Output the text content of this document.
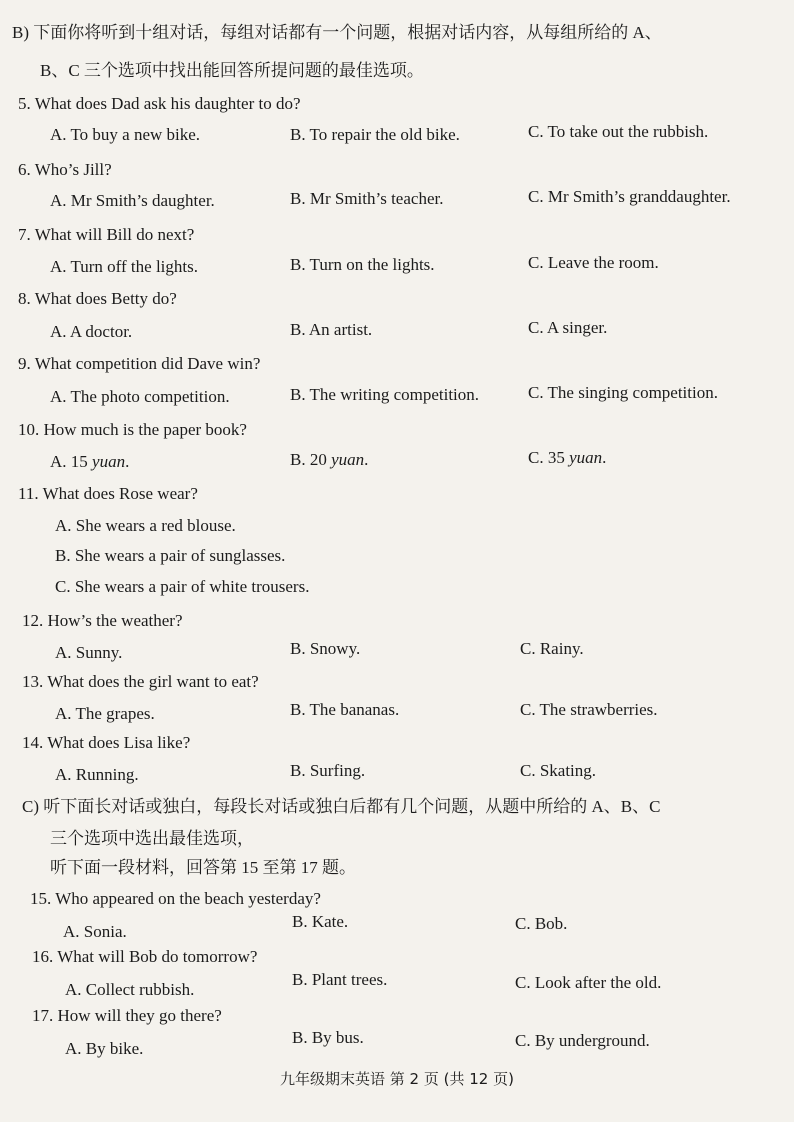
B) 下面你将听到十组对话，每组对话都有一个问题，根据对话内容，从每组所给的 A、
B、C 三个选项中找出能回答所提问题的最佳选项。
5. What does Dad ask his daughter to do?
A. To buy a new bike.	B. To repair the old bike.	C. To take out the rubbish.
6. Who’s Jill?
A. Mr Smith’s daughter.	B. Mr Smith’s teacher.	C. Mr Smith’s granddaughter.
7. What will Bill do next?
A. Turn off the lights.	B. Turn on the lights.	C. Leave the room.
8. What does Betty do?
A. A doctor.	B. An artist.	C. A singer.
9. What competition did Dave win?
A. The photo competition.	B. The writing competition.	C. The singing competition.
10. How much is the paper book?
A. 15 yuan.	B. 20 yuan.	C. 35 yuan.
11. What does Rose wear?
A. She wears a red blouse.
B. She wears a pair of sunglasses.
C. She wears a pair of white trousers.
12. How’s the weather?
A. Sunny.	B. Snowy.	C. Rainy.
13. What does the girl want to eat?
A. The grapes.	B. The bananas.	C. The strawberries.
14. What does Lisa like?
A. Running.	B. Surfing.	C. Skating.
C) 听下面长对话或独白，每段长对话或独白后都有几个问题，从题中所给的 A、B、C
三个选项中选出最佳选项，
听下面一段材料，回答第 15 至第 17 题。
15. Who appeared on the beach yesterday?
A. Sonia.
B. Kate.	C. Bob.
16. What will Bob do tomorrow?
A. Collect rubbish.
B. Plant trees.	C. Look after the old.
17. How will they go there?
A. By bike.
B. By bus.	C. By underground.
九年级期末英语 第 2 页 (共 12 页)
